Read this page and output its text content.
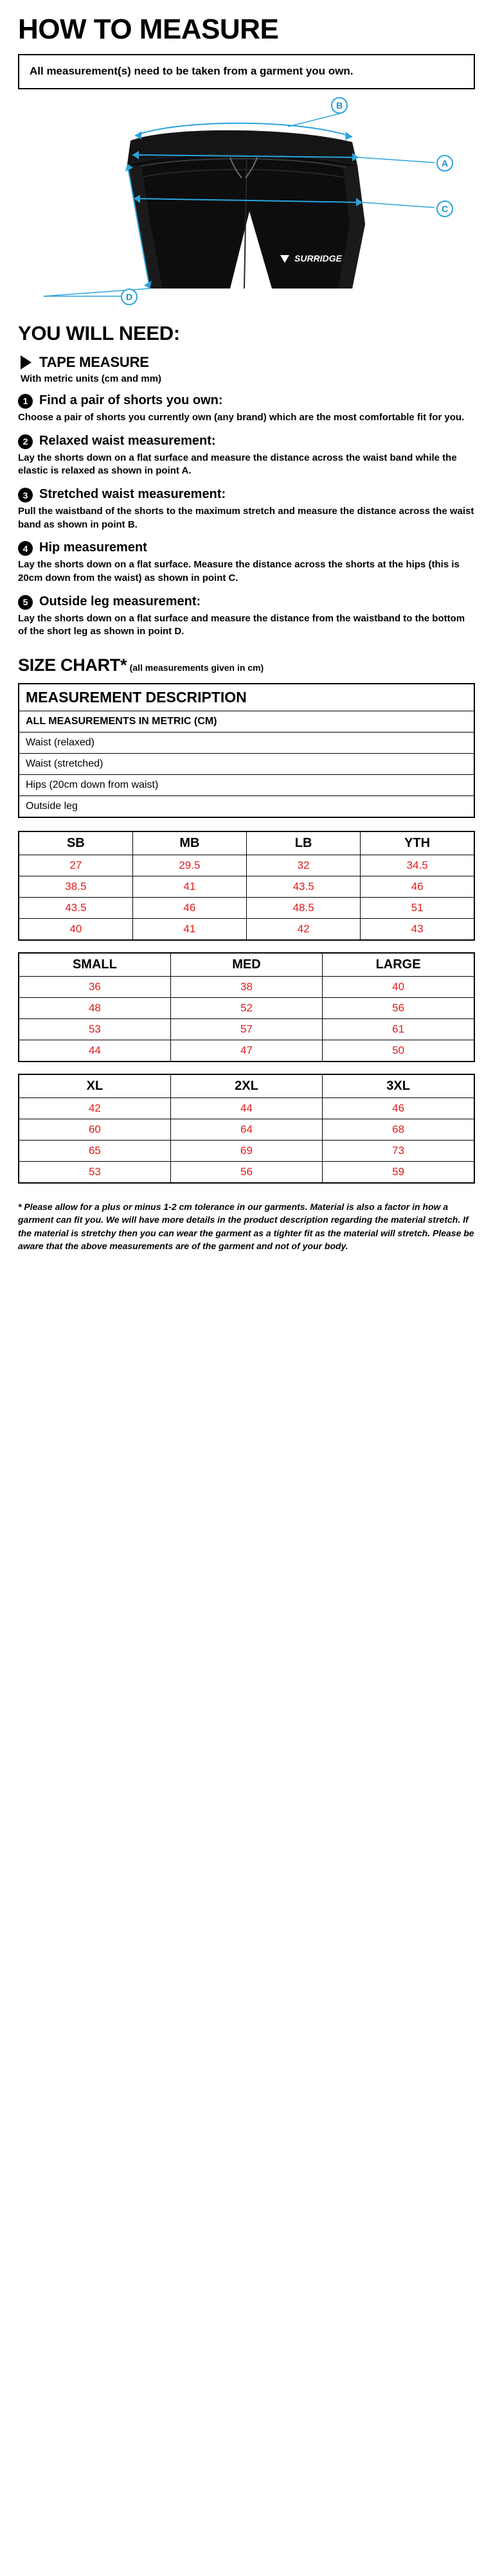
HOW TO MEASURE
All measurement(s) need to be taken from a garment you own.
SURRIDGE
B
A
C
D
YOU WILL NEED:
TAPE MEASURE
With metric units (cm and mm)
1 Find a pair of shorts you own:
Choose a pair of shorts you currently own (any brand) which are the most comfortable fit for you.
2 Relaxed waist measurement:
Lay the shorts down on a flat surface and measure the distance across the waist band while the elastic is relaxed as shown in point A.
3 Stretched waist measurement:
Pull the waistband of the shorts to the maximum stretch and measure the distance across the waist band as shown in point B.
4 Hip measurement
Lay the shorts down on a flat surface. Measure the distance across the shorts at the hips (this is 20cm down from the waist) as shown in point C.
5 Outside leg measurement:
Lay the shorts down on a flat surface and measure the distance from the waistband to the bottom of the short leg as shown in point D.
SIZE CHART* (all measurements given in cm)
MEASUREMENT DESCRIPTION
ALL MEASUREMENTS IN METRIC (CM)
Waist (relaxed)
Waist (stretched)
Hips (20cm down from waist)
Outside leg
SB	MB	LB	YTH
27	29.5	32	34.5
38.5	41	43.5	46
43.5	46	48.5	51
40	41	42	43
SMALL	MED	LARGE
36	38	40
48	52	56
53	57	61
44	47	50
XL	2XL	3XL
42	44	46
60	64	68
65	69	73
53	56	59
* Please allow for a plus or minus 1-2 cm tolerance in our garments. Material is also a factor in how a garment can fit you. We will have more details in the product description regarding the material stretch. If the material is stretchy then you can wear the garment as a tighter fit as the material will stretch. Please be aware that the above measurements are of the garment and not of your body.
